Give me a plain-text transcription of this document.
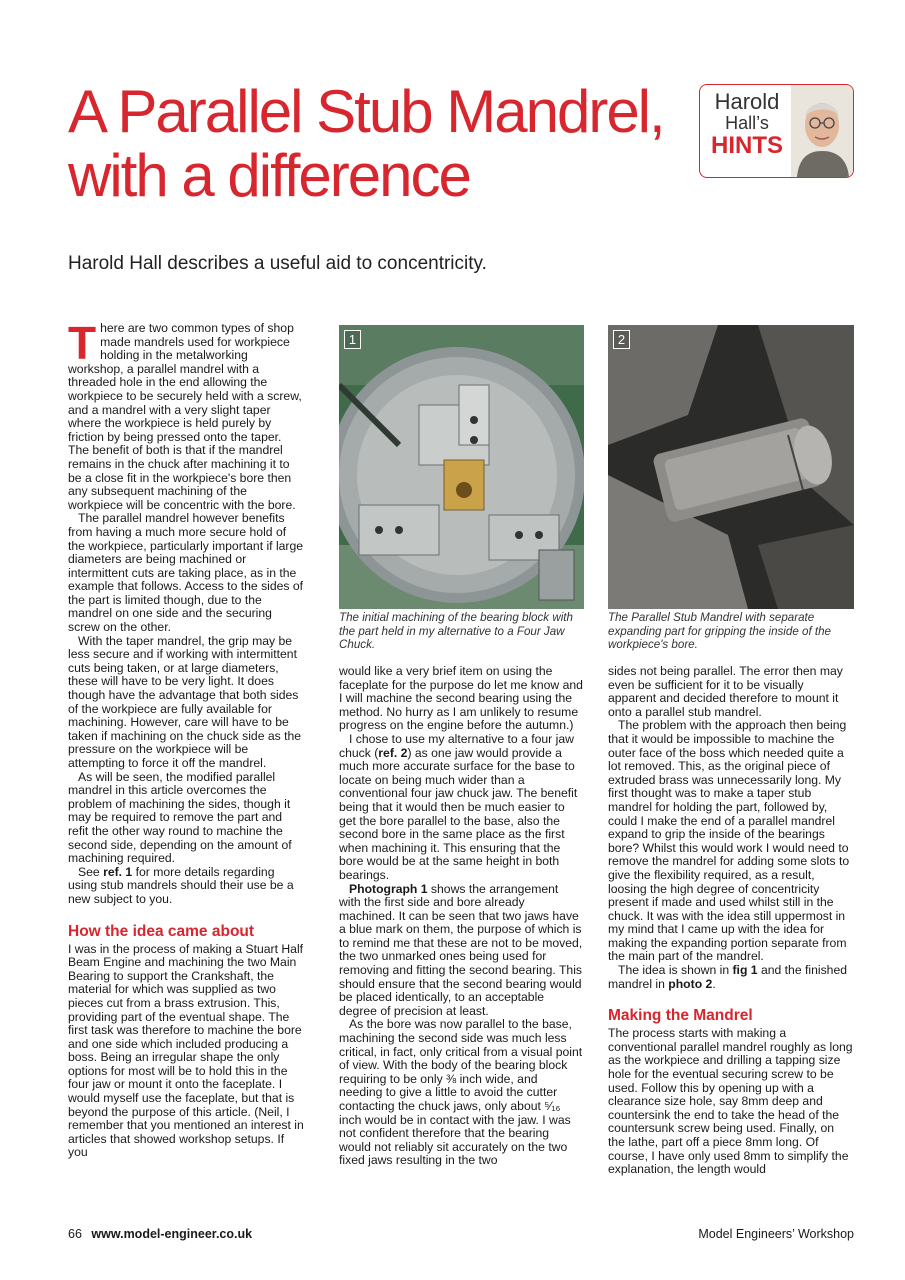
A Parallel Stub Mandrel,
with a difference
Harold
Hall’s
HINTS
Harold Hall describes a useful aid to concentricity.

There are two common types of shop made mandrels used for workpiece holding in the metalworking workshop, a parallel mandrel with a threaded hole in the end allowing the workpiece to be securely held with a screw, and a mandrel with a very slight taper where the workpiece is held purely by friction by being pressed onto the taper. The benefit of both is that if the mandrel remains in the chuck after machining it to be a close fit in the workpiece's bore then any subsequent machining of the workpiece will be concentric with the bore.

The parallel mandrel however benefits from having a much more secure hold of the workpiece, particularly important if large diameters are being machined or intermittent cuts are taking place, as in the example that follows. Access to the sides of the part is limited though, due to the mandrel on one side and the securing screw on the other.

With the taper mandrel, the grip may be less secure and if working with intermittent cuts being taken, or at large diameters, these will have to be very light. It does though have the advantage that both sides of the workpiece are fully available for machining. However, care will have to be taken if machining on the chuck side as the pressure on the workpiece will be attempting to force it off the mandrel.

As will be seen, the modified parallel mandrel in this article overcomes the problem of machining the sides, though it may be required to remove the part and refit the other way round to machine the second side, depending on the amount of machining required.

See ref. 1 for more details regarding using stub mandrels should their use be a new subject to you.

How the idea came about

I was in the process of making a Stuart Half Beam Engine and machining the two Main Bearing to support the Crankshaft, the material for which was supplied as two pieces cut from a brass extrusion. This, providing part of the eventual shape. The first task was therefore to machine the bore and one side which included producing a boss. Being an irregular shape the only options for most will be to hold this in the four jaw or mount it onto the faceplate. I would myself use the faceplate, but that is beyond the purpose of this article. (Neil, I remember that you mentioned an interest in articles that showed workshop setups. If you

1
The initial machining of the bearing block with the part held in my alternative to a Four Jaw Chuck.
2
The Parallel Stub Mandrel with separate expanding part for gripping the inside of the workpiece's bore.

would like a very brief item on using the faceplate for the purpose do let me know and I will machine the second bearing using the method. No hurry as I am unlikely to resume progress on the engine before the autumn.)

I chose to use my alternative to a four jaw chuck (ref. 2) as one jaw would provide a much more accurate surface for the base to locate on being much wider than a conventional four jaw chuck jaw. The benefit being that it would then be much easier to get the bore parallel to the base, also the second bore in the same place as the first when machining it. This ensuring that the bore would be at the same height in both bearings.

Photograph 1 shows the arrangement with the first side and bore already machined. It can be seen that two jaws have a blue mark on them, the purpose of which is to remind me that these are not to be moved, the two unmarked ones being used for removing and fitting the second bearing. This should ensure that the second bearing would be placed identically, to an acceptable degree of precision at least.

As the bore was now parallel to the base, machining the second side was much less critical, in fact, only critical from a visual point of view. With the body of the bearing block requiring to be only ⅜ inch wide, and needing to give a little to avoid the cutter contacting the chuck jaws, only about ⁵⁄₁₆ inch would be in contact with the jaw. I was not confident therefore that the bearing would not reliably sit accurately on the two fixed jaws resulting in the two

sides not being parallel. The error then may even be sufficient for it to be visually apparent and decided therefore to mount it onto a parallel stub mandrel.

The problem with the approach then being that it would be impossible to machine the outer face of the boss which needed quite a lot removed. This, as the original piece of extruded brass was unnecessarily long. My first thought was to make a taper stub mandrel for holding the part, followed by, could I make the end of a parallel mandrel expand to grip the inside of the bearings bore? Whilst this would work I would need to remove the mandrel for adding some slots to give the flexibility required, as a result, loosing the high degree of concentricity present if made and used whilst still in the chuck. It was with the idea still uppermost in my mind that I came up with the idea for making the expanding portion separate from the main part of the mandrel.

The idea is shown in fig 1 and the finished mandrel in photo 2.

Making the Mandrel

The process starts with making a conventional parallel mandrel roughly as long as the workpiece and drilling a tapping size hole for the eventual securing screw to be used. Follow this by opening up with a clearance size hole, say 8mm deep and countersink the end to take the head of the countersunk screw being used. Finally, on the lathe, part off a piece 8mm long. Of course, I have only used 8mm to simplify the explanation, the length would

66 www.model-engineer.co.uk	Model Engineers’ Workshop
